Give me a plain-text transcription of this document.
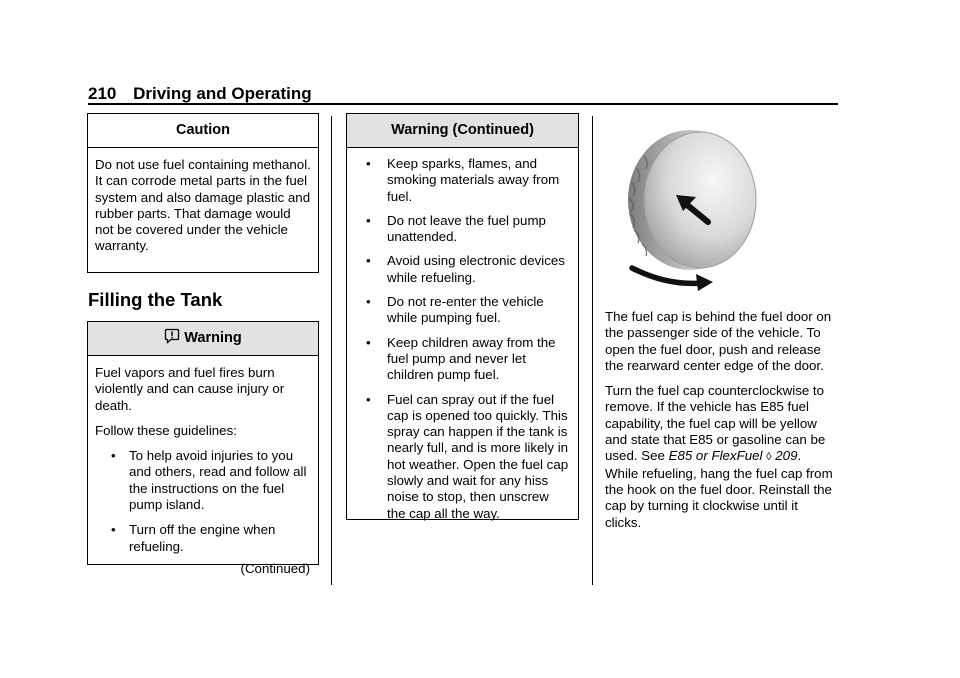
210 Driving and Operating
Caution

Do not use fuel containing methanol. It can corrode metal parts in the fuel system and also damage plastic and rubber parts. That damage would not be covered under the vehicle warranty.

Filling the Tank
Warning

Fuel vapors and fuel fires burn violently and can cause injury or death.

Follow these guidelines:

• To help avoid injuries to you and others, read and follow all the instructions on the fuel pump island.
• Turn off the engine when refueling.
(Continued)
Warning (Continued)
• Keep sparks, flames, and smoking materials away from fuel.
• Do not leave the fuel pump unattended.
• Avoid using electronic devices while refueling.
• Do not re-enter the vehicle while pumping fuel.
• Keep children away from the fuel pump and never let children pump fuel.
• Fuel can spray out if the fuel cap is opened too quickly. This spray can happen if the tank is nearly full, and is more likely in hot weather. Open the fuel cap slowly and wait for any hiss noise to stop, then unscrew the cap all the way.

The fuel cap is behind the fuel door on the passenger side of the vehicle. To open the fuel door, push and release the rearward center edge of the door.

Turn the fuel cap counterclockwise to remove. If the vehicle has E85 fuel capability, the fuel cap will be yellow and state that E85 or gasoline can be used. See E85 or FlexFuel ◊ 209. While refueling, hang the fuel cap from the hook on the fuel door. Reinstall the cap by turning it clockwise until it clicks.
